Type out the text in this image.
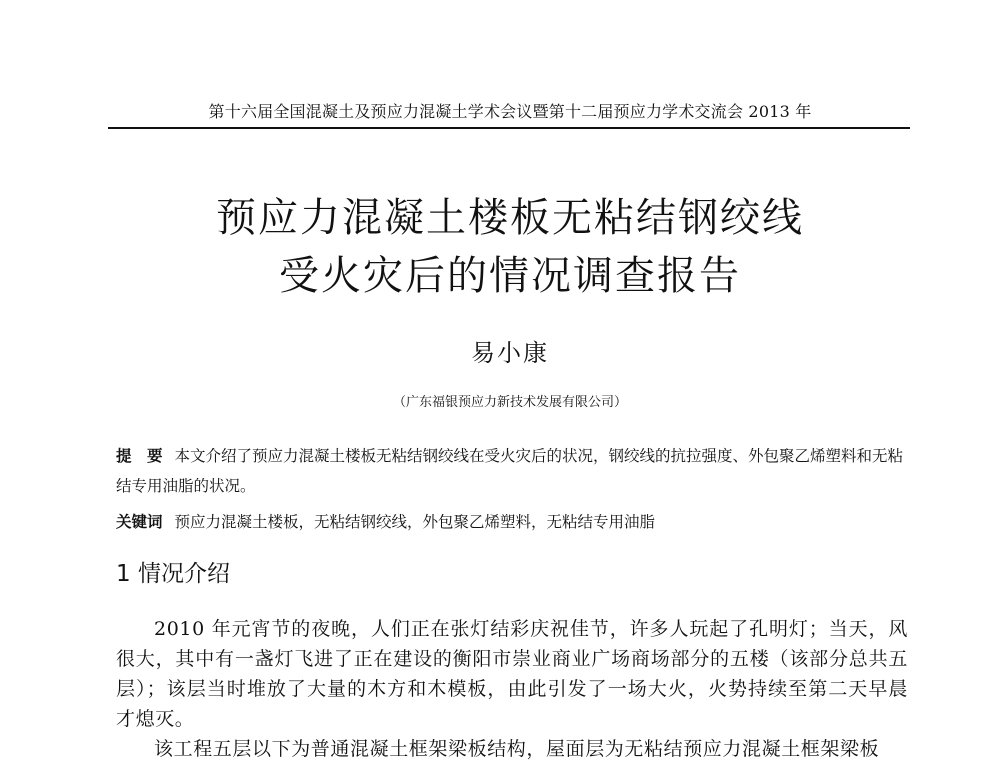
第十六届全国混凝土及预应力混凝土学术会议暨第十二届预应力学术交流会 2013 年
预应力混凝土楼板无粘结钢绞线
受火灾后的情况调查报告
易小康
（广东福银预应力新技术发展有限公司）
提　要 本文介绍了预应力混凝土楼板无粘结钢绞线在受火灾后的状况，钢绞线的抗拉强度、外包聚乙烯塑料和无粘结专用油脂的状况。
关键词 预应力混凝土楼板，无粘结钢绞线，外包聚乙烯塑料，无粘结专用油脂
1 情况介绍

2010 年元宵节的夜晚，人们正在张灯结彩庆祝佳节，许多人玩起了孔明灯；当天，风很大，其中有一盏灯飞进了正在建设的衡阳市崇业商业广场商场部分的五楼（该部分总共五层）；该层当时堆放了大量的木方和木模板，由此引发了一场大火，火势持续至第二天早晨才熄灭。

该工程五层以下为普通混凝土框架梁板结构，屋面层为无粘结预应力混凝土框架梁板
